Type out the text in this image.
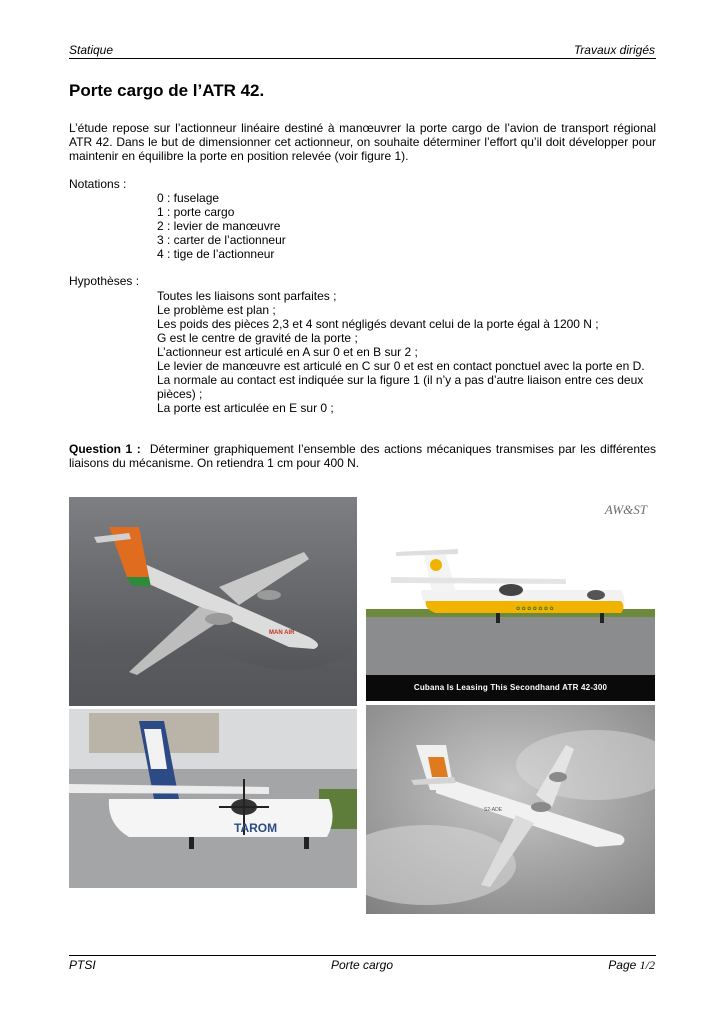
Statique	Travaux dirigés
Porte cargo de l’ATR 42.

L’étude repose sur l’actionneur linéaire destiné à manœuvrer la porte cargo de l’avion de transport régional ATR 42. Dans le but de dimensionner cet actionneur, on souhaite déterminer l’effort qu’il doit développer pour maintenir en équilibre la porte en position relevée (voir figure 1).

Notations :

0 : fuselage
1 : porte cargo
2 : levier de manœuvre
3 : carter de l’actionneur
4 : tige de l’actionneur

Hypothèses :

Toutes les liaisons sont parfaites ;
Le problème est plan ;
Les poids des pièces 2,3 et 4 sont négligés devant celui de la porte égal à 1200 N ;
G est le centre de gravité de la porte ;
L’actionneur est articulé en A sur 0 et en B sur 2 ;
Le levier de manœuvre est articulé en C sur 0 et est en contact ponctuel avec la porte en D. La normale au contact est indiquée sur la figure 1 (il n’y a pas d’autre liaison entre ces deux pièces) ;
La porte est articulée en E sur 0 ;

Question 1 : Déterminer graphiquement l’ensemble des actions mécaniques transmises par les différentes liaisons du mécanisme. On retiendra 1 cm pour 400 N.

MAN AIR
✿ ✿ ✿ ✿ ✿ ✿ ✿
AW&ST
Cubana Is Leasing This Secondhand ATR 42-300
TAROM
S2-ADE
PTSI	Porte cargo	Page 1/2
